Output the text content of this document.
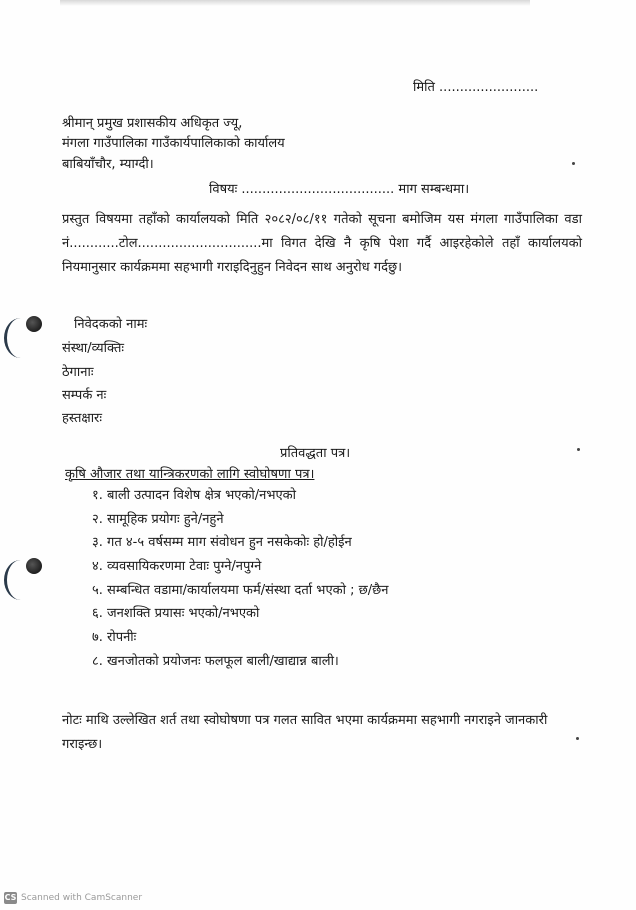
मिति ........................
श्रीमान् प्रमुख प्रशासकीय अधिकृत ज्यू,
मंगला गाउँपालिका गाउँकार्यपालिकाको कार्यालय
बाबियाँचौर, म्याग्दी।
विषयः ..................................... माग सम्बन्धमा।
प्रस्तुत विषयमा तहाँको कार्यालयको मिति २०८२/०८/११ गतेको सूचना बमोजिम यस मंगला गाउँपालिका वडा नं............टोल..............................मा विगत देखि नै कृषि पेशा गर्दै आइरहेकोले तहाँ कार्यालयको नियमानुसार कार्यक्रममा सहभागी गराइदिनुहुन निवेदन साथ अनुरोध गर्दछु।
निवेदकको नामः
संस्था/व्यक्तिः
ठेगानाः
सम्पर्क नः
हस्तक्षारः
प्रतिवद्धता पत्र।
कृषि औजार तथा यान्त्रिकरणको लागि स्वोघोषणा पत्र।
१. बाली उत्पादन विशेष क्षेत्र भएको/नभएको
२. सामूहिक प्रयोगः हुने/नहुने
३. गत ४-५ वर्षसम्म माग संवोधन हुन नसकेकोः हो/होईन
४. व्यवसायिकरणमा टेवाः पुग्ने/नपुग्ने
५. सम्बन्धित वडामा/कार्यालयमा फर्म/संस्था दर्ता भएको ; छ/छैन
६. जनशक्ति प्रयासः भएको/नभएको
७. रोपनीः
८. खनजोतको प्रयोजनः फलफूल बाली/खाद्यान्न बाली।
नोटः माथि उल्लेखित शर्त तथा स्वोघोषणा पत्र गलत सावित भएमा कार्यक्रममा सहभागी नगराइने जानकारी गराइन्छ।
CS Scanned with CamScanner
